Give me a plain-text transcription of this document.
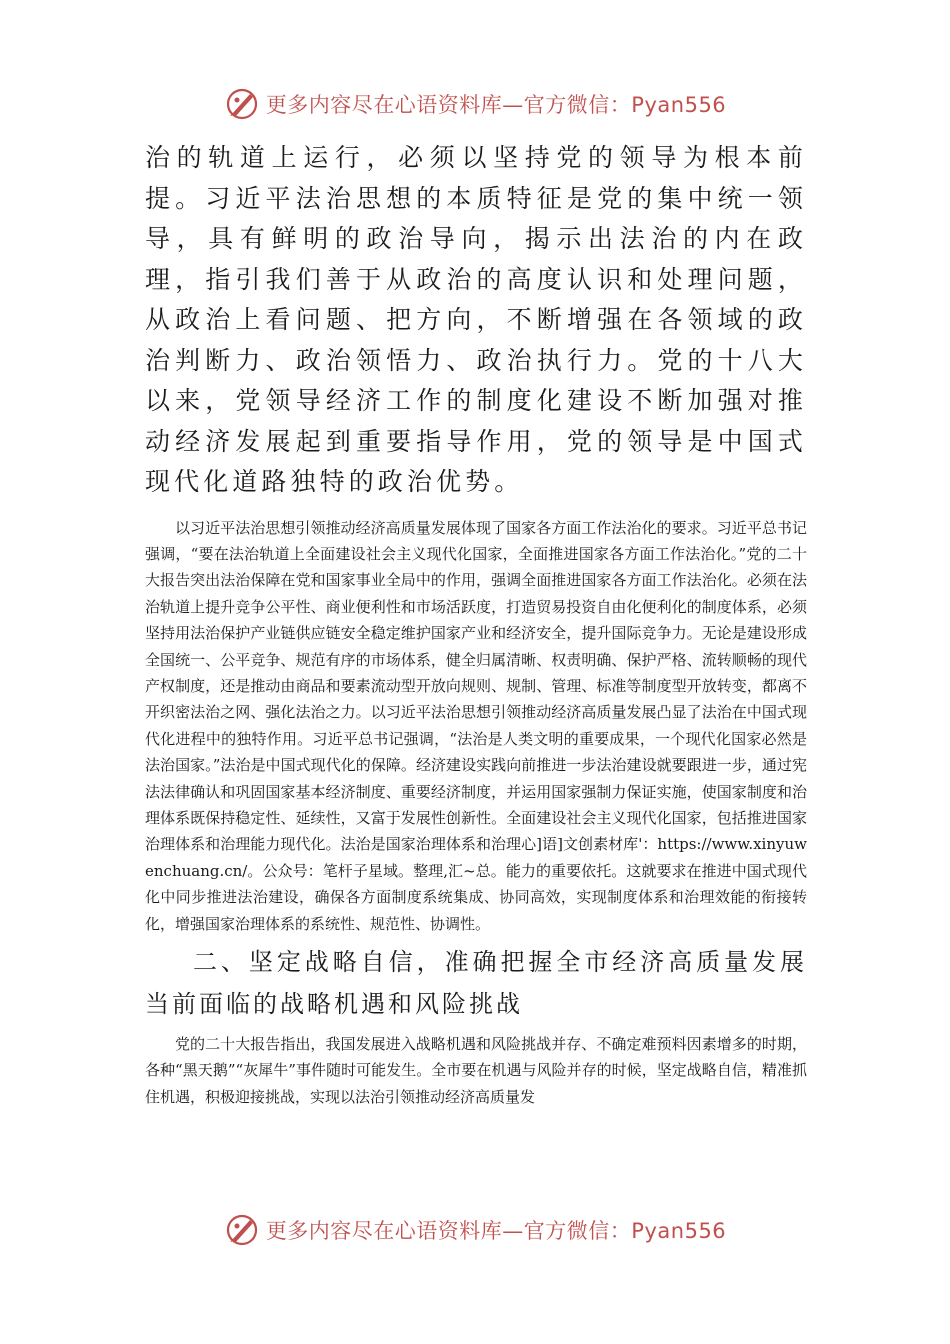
更多内容尽在心语资料库—官方微信：Pyan556

治的轨道上运行，必须以坚持党的领导为根本前提。习近平法治思想的本质特征是党的集中统一领导，具有鲜明的政治导向，揭示出法治的内在政理，指引我们善于从政治的高度认识和处理问题，从政治上看问题、把方向，不断增强在各领域的政治判断力、政治领悟力、政治执行力。党的十八大以来，党领导经济工作的制度化建设不断加强对推动经济发展起到重要指导作用，党的领导是中国式现代化道路独特的政治优势。

以习近平法治思想引领推动经济高质量发展体现了国家各方面工作法治化的要求。习近平总书记强调，“要在法治轨道上全面建设社会主义现代化国家，全面推进国家各方面工作法治化。”党的二十大报告突出法治保障在党和国家事业全局中的作用，强调全面推进国家各方面工作法治化。必须在法治轨道上提升竞争公平性、商业便利性和市场活跃度，打造贸易投资自由化便利化的制度体系，必须坚持用法治保护产业链供应链安全稳定维护国家产业和经济安全，提升国际竞争力。无论是建设形成全国统一、公平竞争、规范有序的市场体系，健全归属清晰、权责明确、保护严格、流转顺畅的现代产权制度，还是推动由商品和要素流动型开放向规则、规制、管理、标准等制度型开放转变，都离不开织密法治之网、强化法治之力。以习近平法治思想引领推动经济高质量发展凸显了法治在中国式现代化进程中的独特作用。习近平总书记强调，“法治是人类文明的重要成果，一个现代化国家必然是法治国家。”法治是中国式现代化的保障。经济建设实践向前推进一步法治建设就要跟进一步，通过宪法法律确认和巩固国家基本经济制度、重要经济制度，并运用国家强制力保证实施，使国家制度和治理体系既保持稳定性、延续性，又富于发展性创新性。全面建设社会主义现代化国家，包括推进国家治理体系和治理能力现代化。法治是国家治理体系和治理心]语]文创素材库'：https://www.xinyuwenchuang.cn/。公众号：笔杆子星域。整理,汇~总。能力的重要依托。这就要求在推进中国式现代化中同步推进法治建设，确保各方面制度系统集成、协同高效，实现制度体系和治理效能的衔接转化，增强国家治理体系的系统性、规范性、协调性。

二、坚定战略自信，准确把握全市经济高质量发展当前面临的战略机遇和风险挑战

党的二十大报告指出，我国发展进入战略机遇和风险挑战并存、不确定难预料因素增多的时期，各种“黑天鹅”“灰犀牛”事件随时可能发生。全市要在机遇与风险并存的时候，坚定战略自信，精准抓住机遇，积极迎接挑战，实现以法治引领推动经济高质量发

更多内容尽在心语资料库—官方微信：Pyan556
